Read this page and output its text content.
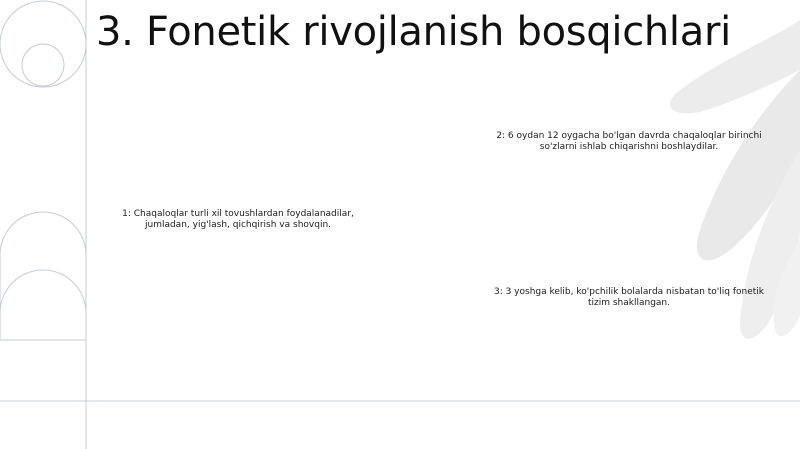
3. Fonetik rivojlanish bosqichlari

1: Chaqaloqlar turli xil tovushlardan foydalanadilar, jumladan, yig'lash, qichqirish va shovqin.

2: 6 oydan 12 oygacha bo'lgan davrda chaqaloqlar birinchi so'zlarni ishlab chiqarishni boshlaydilar.

3: 3 yoshga kelib, ko'pchilik bolalarda nisbatan to'liq fonetik tizim shakllangan.
